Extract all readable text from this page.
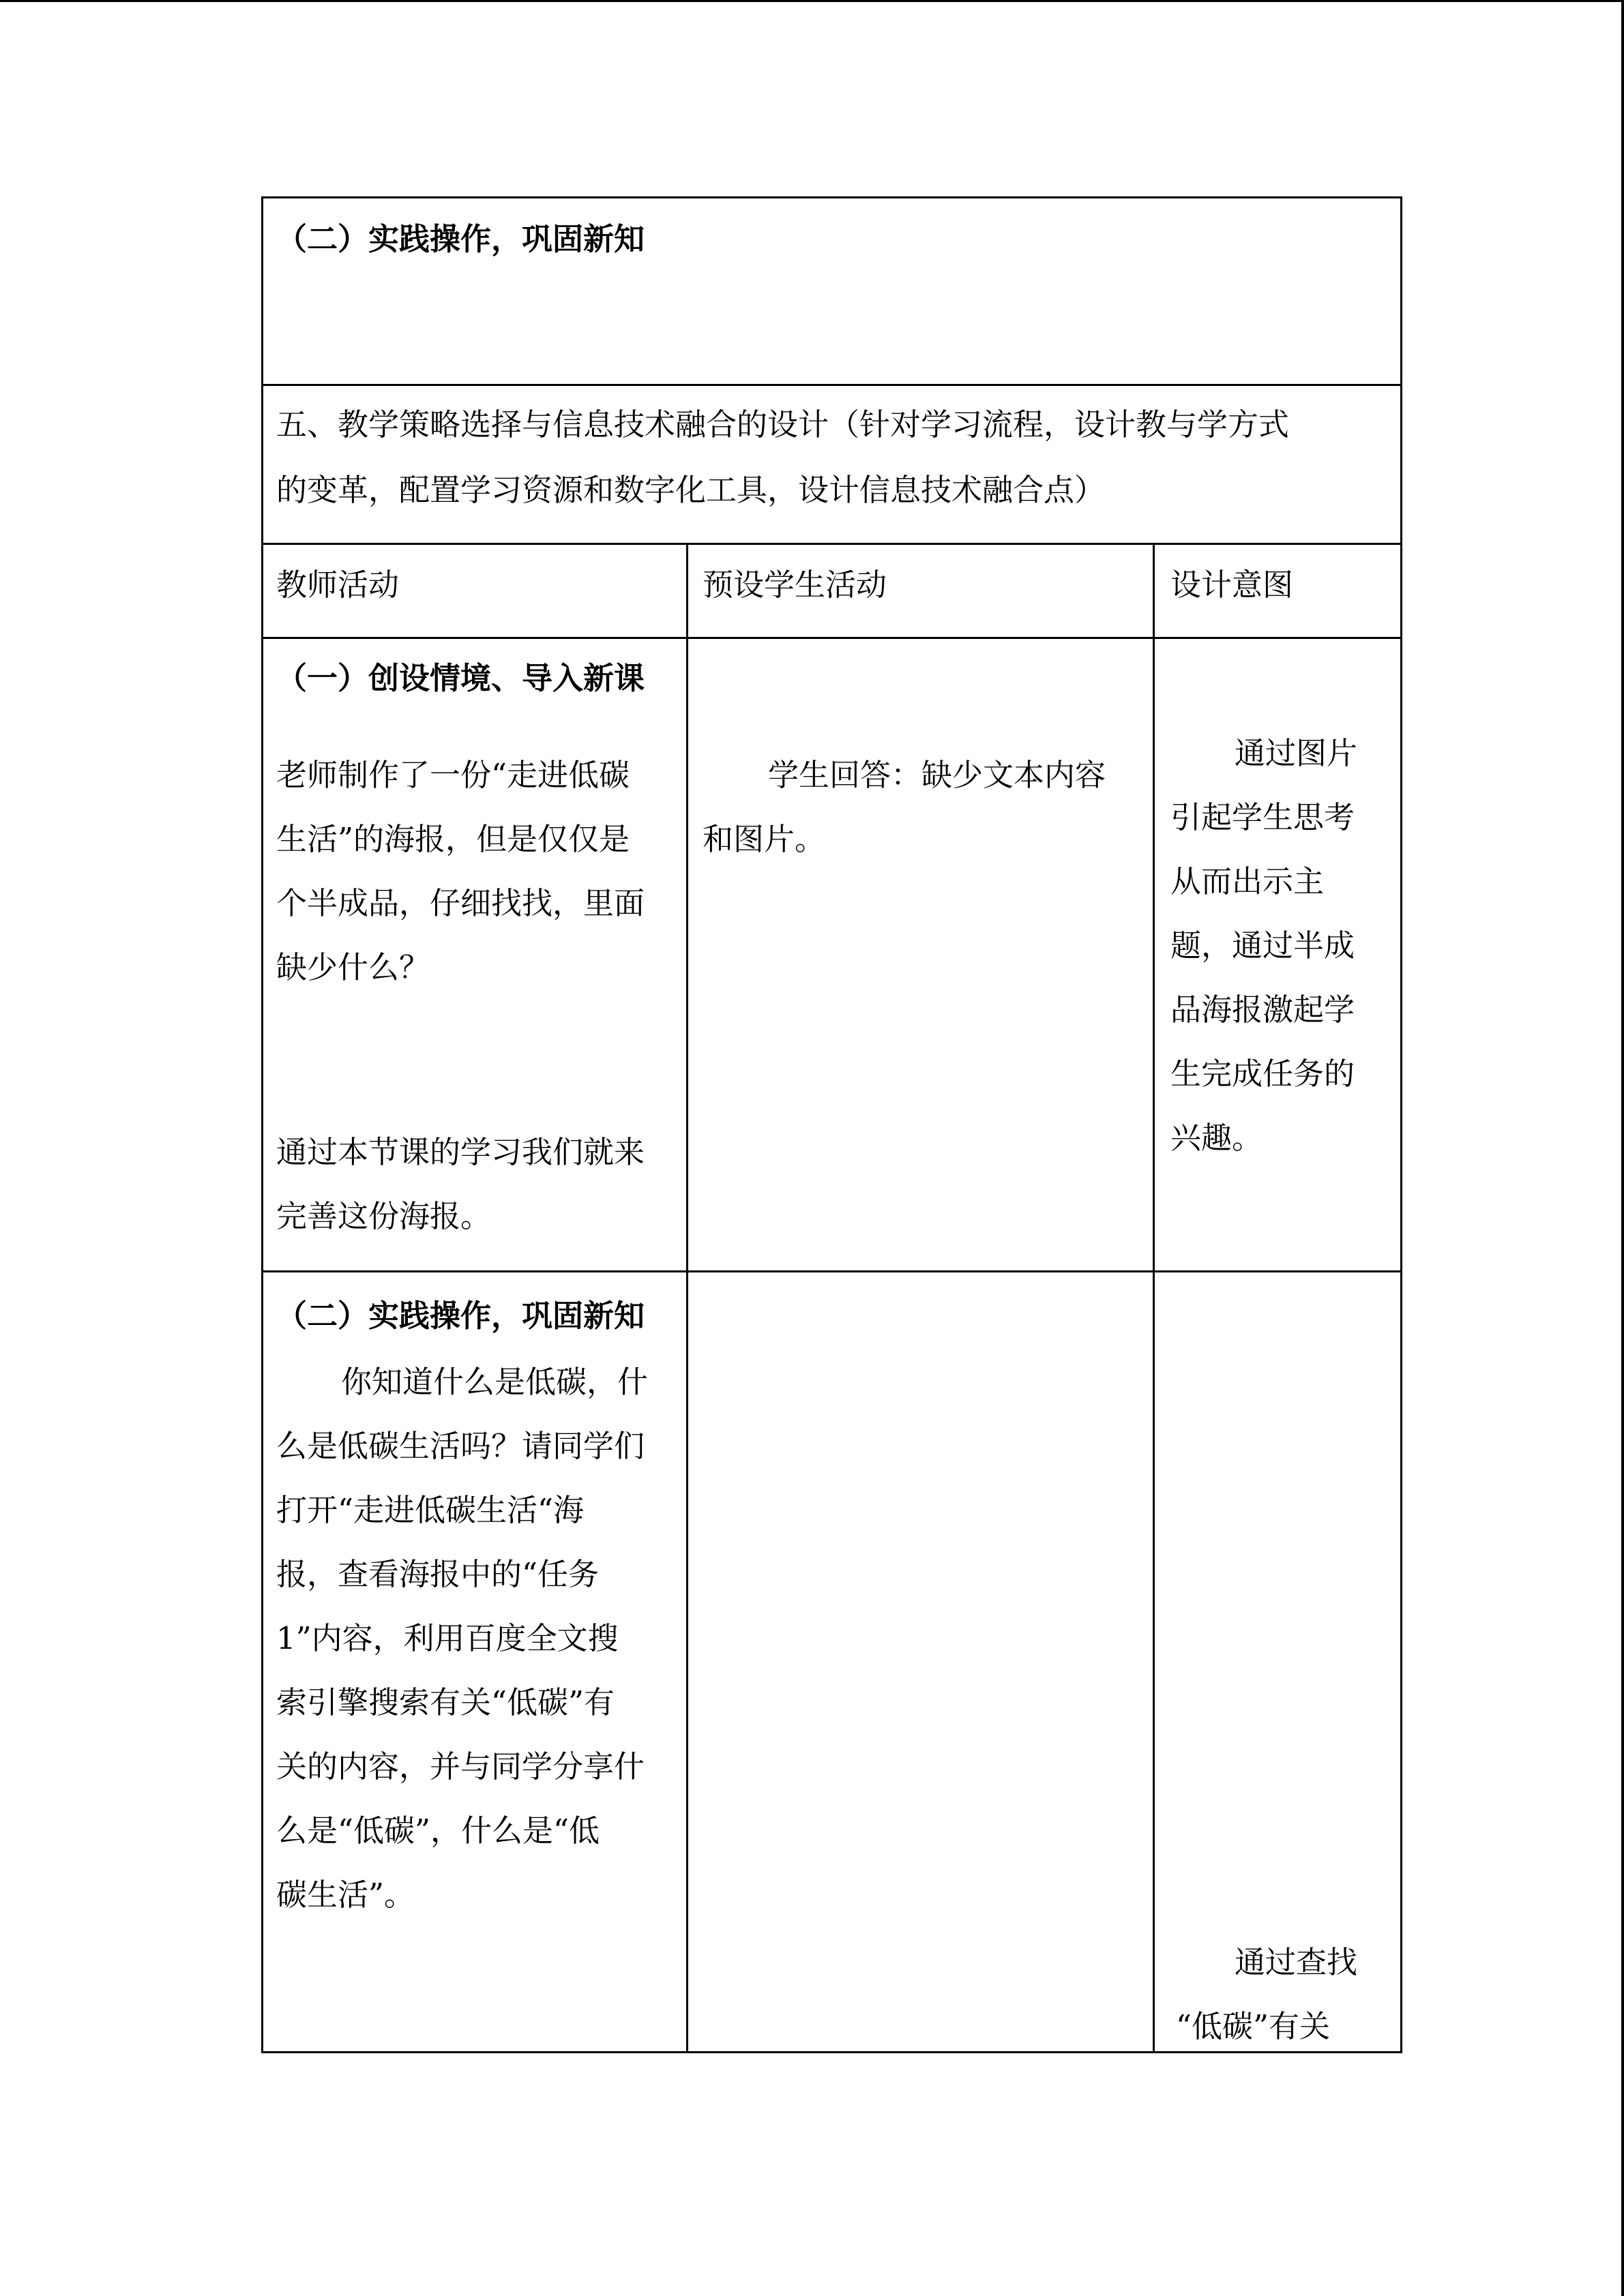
（二）实践操作，巩固新知

五、教学策略选择与信息技术融合的设计（针对学习流程，设计教与学方式

的变革，配置学习资源和数字化工具，设计信息技术融合点）

教师活动	预设学生活动	设计意图

（一）创设情境、导入新课

老师制作了一份“走进低碳

生活”的海报，但是仅仅是

个半成品，仔细找找，里面

缺少什么？

通过本节课的学习我们就来

完善这份海报。

学生回答：缺少文本内容

和图片。

通过图片

引起学生思考

从而出示主

题，通过半成

品海报激起学

生完成任务的

兴趣。

（二）实践操作，巩固新知

你知道什么是低碳，什

么是低碳生活吗？请同学们

打开“走进低碳生活“海

报，查看海报中的“任务

1”内容，利用百度全文搜

索引擎搜索有关“低碳”有

关的内容，并与同学分享什

么是“低碳”，什么是“低

碳生活”。

通过查找

“低碳”有关
